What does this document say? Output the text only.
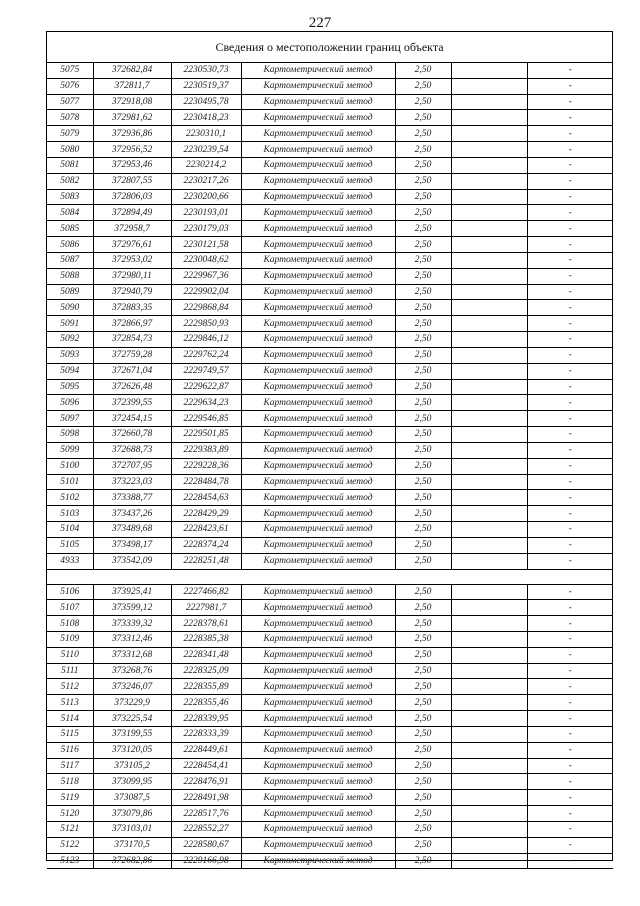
227
Сведения о местоположении границ объекта
5075	372682,84	2230530,73	Картометрический метод	2,50		-
5076	372811,7	2230519,37	Картометрический метод	2,50		-
5077	372918,08	2230495,78	Картометрический метод	2,50		-
5078	372981,62	2230418,23	Картометрический метод	2,50		-
5079	372936,86	2230310,1	Картометрический метод	2,50		-
5080	372956,52	2230239,54	Картометрический метод	2,50		-
5081	372953,46	2230214,2	Картометрический метод	2,50		-
5082	372807,55	2230217,26	Картометрический метод	2,50		-
5083	372806,03	2230200,66	Картометрический метод	2,50		-
5084	372894,49	2230193,01	Картометрический метод	2,50		-
5085	372958,7	2230179,03	Картометрический метод	2,50		-
5086	372976,61	2230121,58	Картометрический метод	2,50		-
5087	372953,02	2230048,62	Картометрический метод	2,50		-
5088	372980,11	2229967,36	Картометрический метод	2,50		-
5089	372940,79	2229902,04	Картометрический метод	2,50		-
5090	372883,35	2229868,84	Картометрический метод	2,50		-
5091	372866,97	2229850,93	Картометрический метод	2,50		-
5092	372854,73	2229846,12	Картометрический метод	2,50		-
5093	372759,28	2229762,24	Картометрический метод	2,50		-
5094	372671,04	2229749,57	Картометрический метод	2,50		-
5095	372626,48	2229622,87	Картометрический метод	2,50		-
5096	372399,55	2229634,23	Картометрический метод	2,50		-
5097	372454,15	2229546,85	Картометрический метод	2,50		-
5098	372660,78	2229501,85	Картометрический метод	2,50		-
5099	372688,73	2229383,89	Картометрический метод	2,50		-
5100	372707,95	2229228,36	Картометрический метод	2,50		-
5101	373223,03	2228484,78	Картометрический метод	2,50		-
5102	373388,77	2228454,63	Картометрический метод	2,50		-
5103	373437,26	2228429,29	Картометрический метод	2,50		-
5104	373489,68	2228423,61	Картометрический метод	2,50		-
5105	373498,17	2228374,24	Картометрический метод	2,50		-
4933	373542,09	2228251,48	Картометрический метод	2,50		-

5106	373925,41	2227466,82	Картометрический метод	2,50		-
5107	373599,12	2227981,7	Картометрический метод	2,50		-
5108	373339,32	2228378,61	Картометрический метод	2,50		-
5109	373312,46	2228385,38	Картометрический метод	2,50		-
5110	373312,68	2228341,48	Картометрический метод	2,50		-
5111	373268,76	2228325,09	Картометрический метод	2,50		-
5112	373246,07	2228355,89	Картометрический метод	2,50		-
5113	373229,9	2228355,46	Картометрический метод	2,50		-
5114	373225,54	2228339,95	Картометрический метод	2,50		-
5115	373199,55	2228333,39	Картометрический метод	2,50		-
5116	373120,05	2228449,61	Картометрический метод	2,50		-
5117	373105,2	2228454,41	Картометрический метод	2,50		-
5118	373099,95	2228476,91	Картометрический метод	2,50		-
5119	373087,5	2228491,98	Картометрический метод	2,50		-
5120	373079,86	2228517,76	Картометрический метод	2,50		-
5121	373103,01	2228552,27	Картометрический метод	2,50		-
5122	373170,5	2228580,67	Картометрический метод	2,50		-
5123	372682,86	2229166,98	Картометрический метод	2,50		-
